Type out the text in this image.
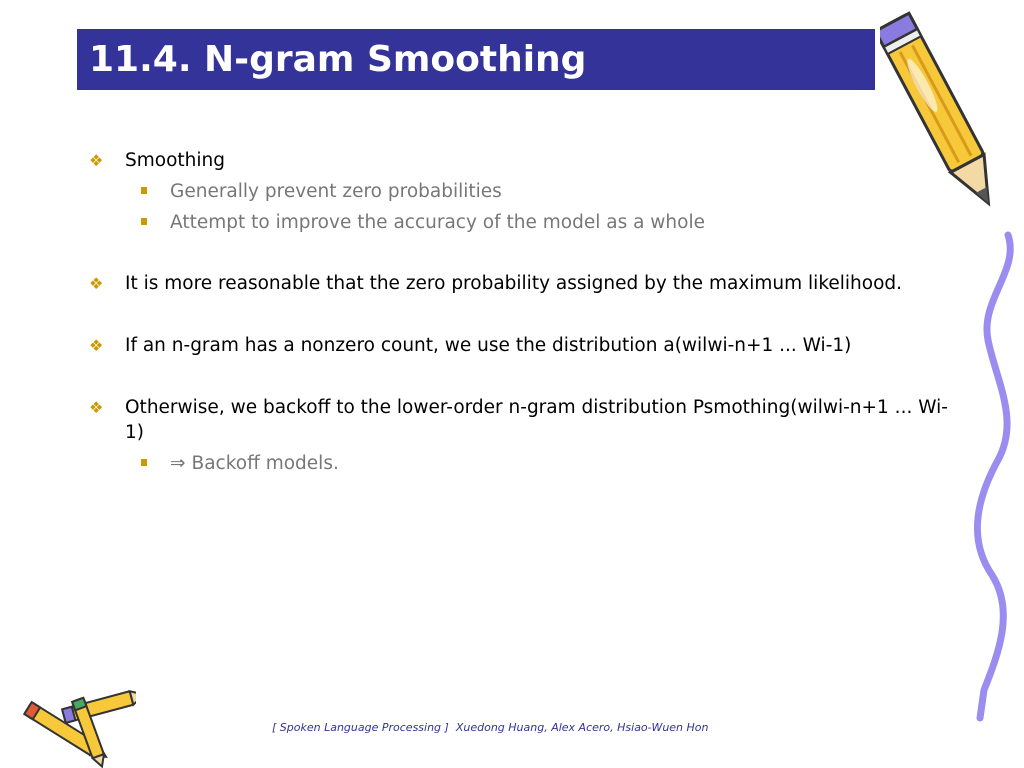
11.4. N-gram Smoothing
❖ Smoothing
Generally prevent zero probabilities
Attempt to improve the accuracy of the model as a whole
❖ It is more reasonable that the zero probability assigned by the maximum likelihood.
❖ If an n-gram has a nonzero count, we use the distribution a(wilwi-n+1 ... Wi-1)
❖ Otherwise, we backoff to the lower-order n-gram distribution Psmothing(wilwi-n+1 ... Wi-1)
⇒ Backoff models.
[ Spoken Language Processing ]  Xuedong Huang, Alex Acero, Hsiao-Wuen Hon
